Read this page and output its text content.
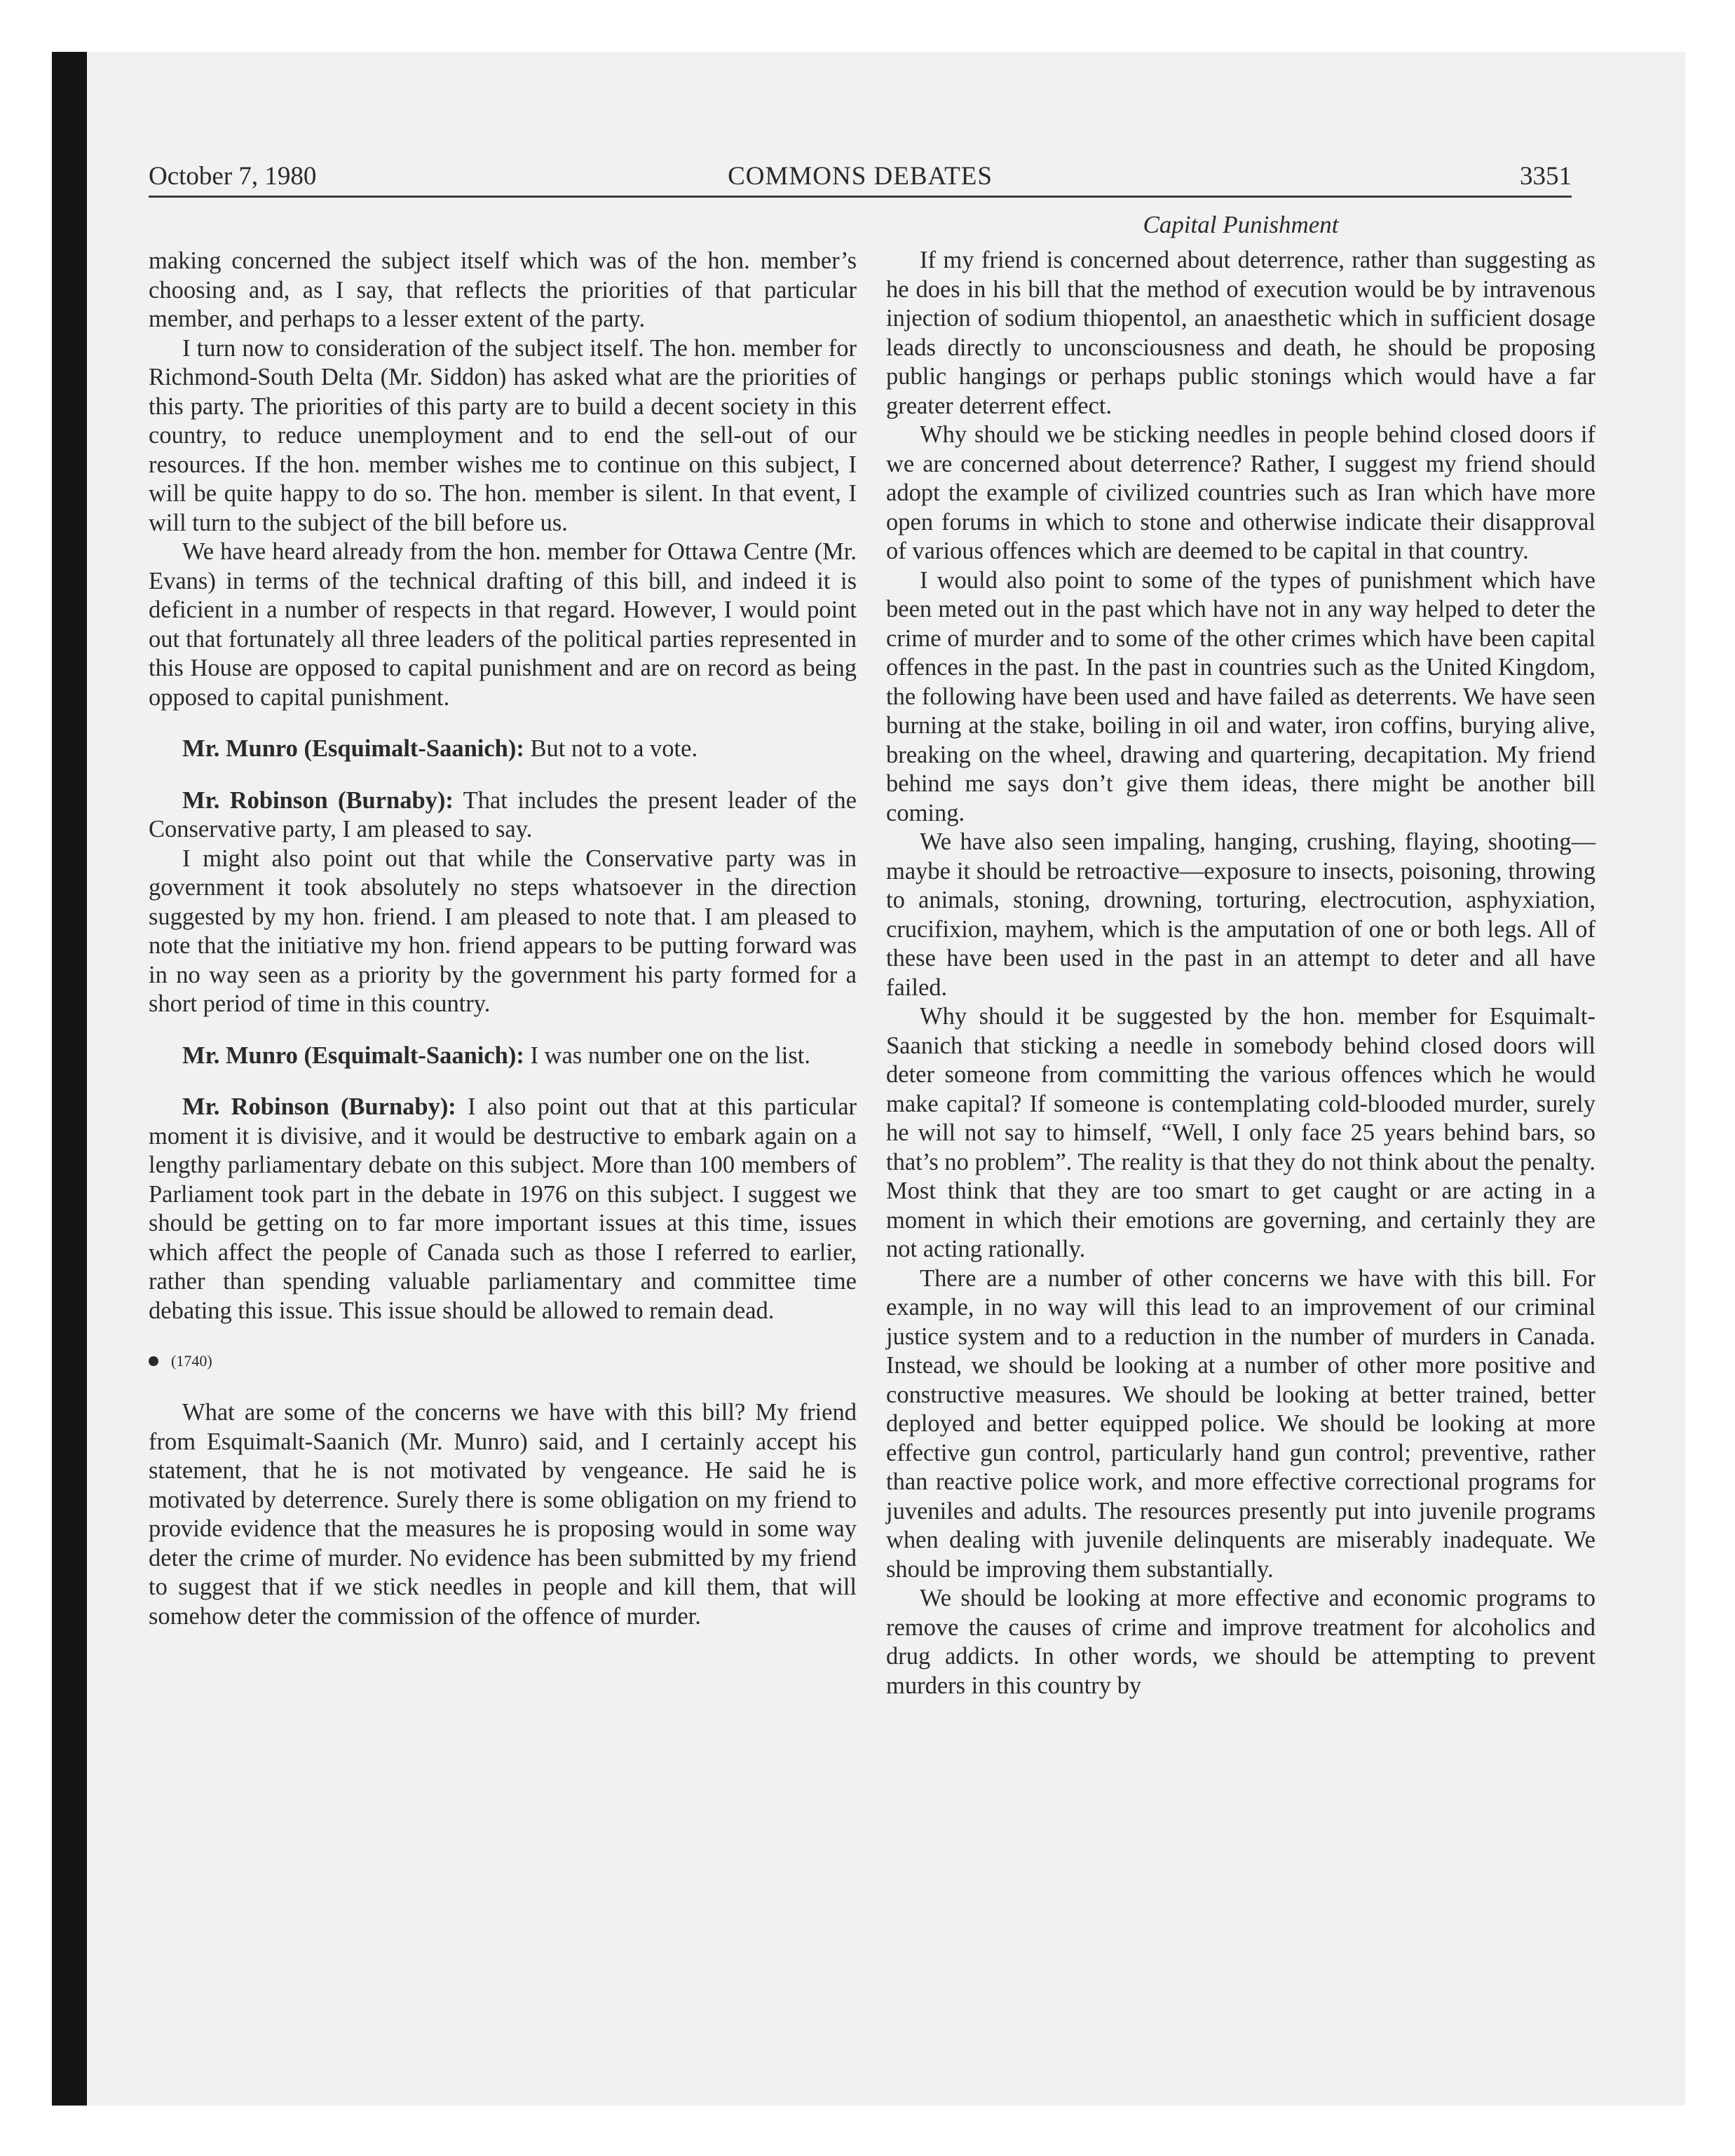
October 7, 1980	COMMONS DEBATES	3351

making concerned the subject itself which was of the hon. member’s choosing and, as I say, that reflects the priorities of that particular member, and perhaps to a lesser extent of the party.

I turn now to consideration of the subject itself. The hon. member for Richmond-South Delta (Mr. Siddon) has asked what are the priorities of this party. The priorities of this party are to build a decent society in this country, to reduce unemployment and to end the sell-out of our resources. If the hon. member wishes me to continue on this subject, I will be quite happy to do so. The hon. member is silent. In that event, I will turn to the subject of the bill before us.

We have heard already from the hon. member for Ottawa Centre (Mr. Evans) in terms of the technical drafting of this bill, and indeed it is deficient in a number of respects in that regard. However, I would point out that fortunately all three leaders of the political parties represented in this House are opposed to capital punishment and are on record as being opposed to capital punishment.

Mr. Munro (Esquimalt-Saanich): But not to a vote.

Mr. Robinson (Burnaby): That includes the present leader of the Conservative party, I am pleased to say.

I might also point out that while the Conservative party was in government it took absolutely no steps whatsoever in the direction suggested by my hon. friend. I am pleased to note that. I am pleased to note that the initiative my hon. friend appears to be putting forward was in no way seen as a priority by the government his party formed for a short period of time in this country.

Mr. Munro (Esquimalt-Saanich): I was number one on the list.

Mr. Robinson (Burnaby): I also point out that at this particular moment it is divisive, and it would be destructive to embark again on a lengthy parliamentary debate on this subject. More than 100 members of Parliament took part in the debate in 1976 on this subject. I suggest we should be getting on to far more important issues at this time, issues which affect the people of Canada such as those I referred to earlier, rather than spending valuable parliamentary and committee time debating this issue. This issue should be allowed to remain dead.

(1740)

What are some of the concerns we have with this bill? My friend from Esquimalt-Saanich (Mr. Munro) said, and I certainly accept his statement, that he is not motivated by vengeance. He said he is motivated by deterrence. Surely there is some obligation on my friend to provide evidence that the measures he is proposing would in some way deter the crime of murder. No evidence has been submitted by my friend to suggest that if we stick needles in people and kill them, that will somehow deter the commission of the offence of murder.

Capital Punishment

If my friend is concerned about deterrence, rather than suggesting as he does in his bill that the method of execution would be by intravenous injection of sodium thiopentol, an anaesthetic which in sufficient dosage leads directly to unconsciousness and death, he should be proposing public hangings or perhaps public stonings which would have a far greater deterrent effect.

Why should we be sticking needles in people behind closed doors if we are concerned about deterrence? Rather, I suggest my friend should adopt the example of civilized countries such as Iran which have more open forums in which to stone and otherwise indicate their disapproval of various offences which are deemed to be capital in that country.

I would also point to some of the types of punishment which have been meted out in the past which have not in any way helped to deter the crime of murder and to some of the other crimes which have been capital offences in the past. In the past in countries such as the United Kingdom, the following have been used and have failed as deterrents. We have seen burning at the stake, boiling in oil and water, iron coffins, burying alive, breaking on the wheel, drawing and quartering, decapitation. My friend behind me says don’t give them ideas, there might be another bill coming.

We have also seen impaling, hanging, crushing, flaying, shooting—maybe it should be retroactive—exposure to insects, poisoning, throwing to animals, stoning, drowning, torturing, electrocution, asphyxiation, crucifixion, mayhem, which is the amputation of one or both legs. All of these have been used in the past in an attempt to deter and all have failed.

Why should it be suggested by the hon. member for Esquimalt-Saanich that sticking a needle in somebody behind closed doors will deter someone from committing the various offences which he would make capital? If someone is contemplating cold-blooded murder, surely he will not say to himself, “Well, I only face 25 years behind bars, so that’s no problem”. The reality is that they do not think about the penalty. Most think that they are too smart to get caught or are acting in a moment in which their emotions are governing, and certainly they are not acting rationally.

There are a number of other concerns we have with this bill. For example, in no way will this lead to an improvement of our criminal justice system and to a reduction in the number of murders in Canada. Instead, we should be looking at a number of other more positive and constructive measures. We should be looking at better trained, better deployed and better equipped police. We should be looking at more effective gun control, particularly hand gun control; preventive, rather than reactive police work, and more effective correctional programs for juveniles and adults. The resources presently put into juvenile programs when dealing with juvenile delinquents are miserably inadequate. We should be improving them substantially.

We should be looking at more effective and economic programs to remove the causes of crime and improve treatment for alcoholics and drug addicts. In other words, we should be attempting to prevent murders in this country by
